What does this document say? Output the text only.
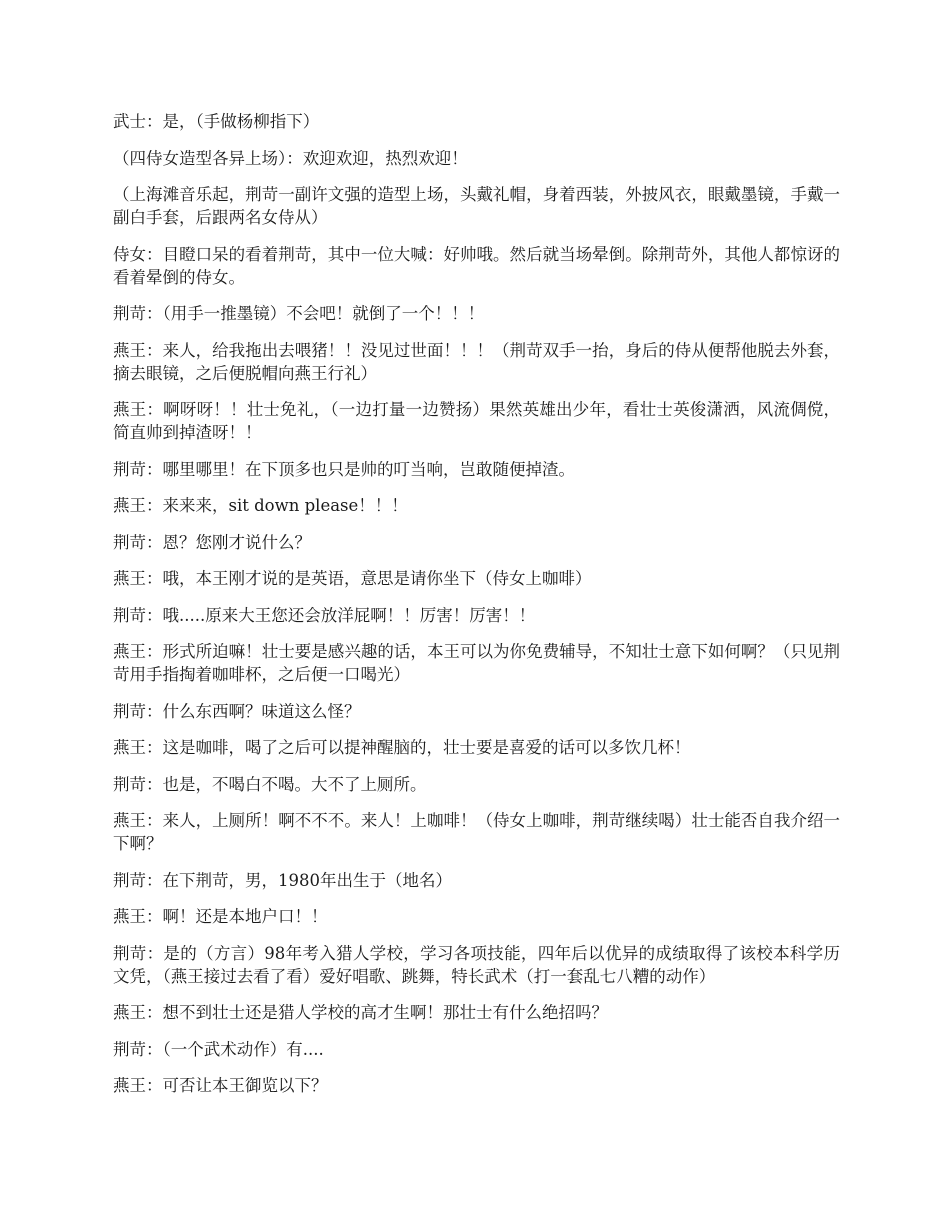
武士：是，（手做杨柳指下）

（四侍女造型各异上场）：欢迎欢迎，热烈欢迎！

（上海滩音乐起，荆苛一副许文强的造型上场，头戴礼帽，身着西装，外披风衣，眼戴墨镜，手戴一副白手套，后跟两名女侍从）

侍女：目瞪口呆的看着荆苛，其中一位大喊：好帅哦。然后就当场晕倒。除荆苛外，其他人都惊讶的看着晕倒的侍女。

荆苛：（用手一推墨镜）不会吧！就倒了一个！！！

燕王：来人，给我拖出去喂猪！！没见过世面！！！（荆苛双手一抬，身后的侍从便帮他脱去外套，摘去眼镜，之后便脱帽向燕王行礼）

燕王：啊呀呀！！壮士免礼，（一边打量一边赞扬）果然英雄出少年，看壮士英俊潇洒，风流倜傥，简直帅到掉渣呀！！

荆苛：哪里哪里！在下顶多也只是帅的叮当响，岂敢随便掉渣。

燕王：来来来，sit down please！！！

荆苛：恩？您刚才说什么？

燕王：哦，本王刚才说的是英语，意思是请你坐下（侍女上咖啡）

荆苛：哦.....原来大王您还会放洋屁啊！！厉害！厉害！！

燕王：形式所迫嘛！壮士要是感兴趣的话，本王可以为你免费辅导，不知壮士意下如何啊？（只见荆苛用手指掏着咖啡杯，之后便一口喝光）

荆苛：什么东西啊？味道这么怪？

燕王：这是咖啡，喝了之后可以提神醒脑的，壮士要是喜爱的话可以多饮几杯！

荆苛：也是，不喝白不喝。大不了上厕所。

燕王：来人，上厕所！啊不不不。来人！上咖啡！（侍女上咖啡，荆苛继续喝）壮士能否自我介绍一下啊？

荆苛：在下荆苛，男，1980年出生于（地名）

燕王：啊！还是本地户口！！

荆苛：是的（方言）98年考入猎人学校，学习各项技能，四年后以优异的成绩取得了该校本科学历文凭，（燕王接过去看了看）爱好唱歌、跳舞，特长武术（打一套乱七八糟的动作）

燕王：想不到壮士还是猎人学校的高才生啊！那壮士有什么绝招吗？

荆苛：（一个武术动作）有....

燕王：可否让本王御览以下？
